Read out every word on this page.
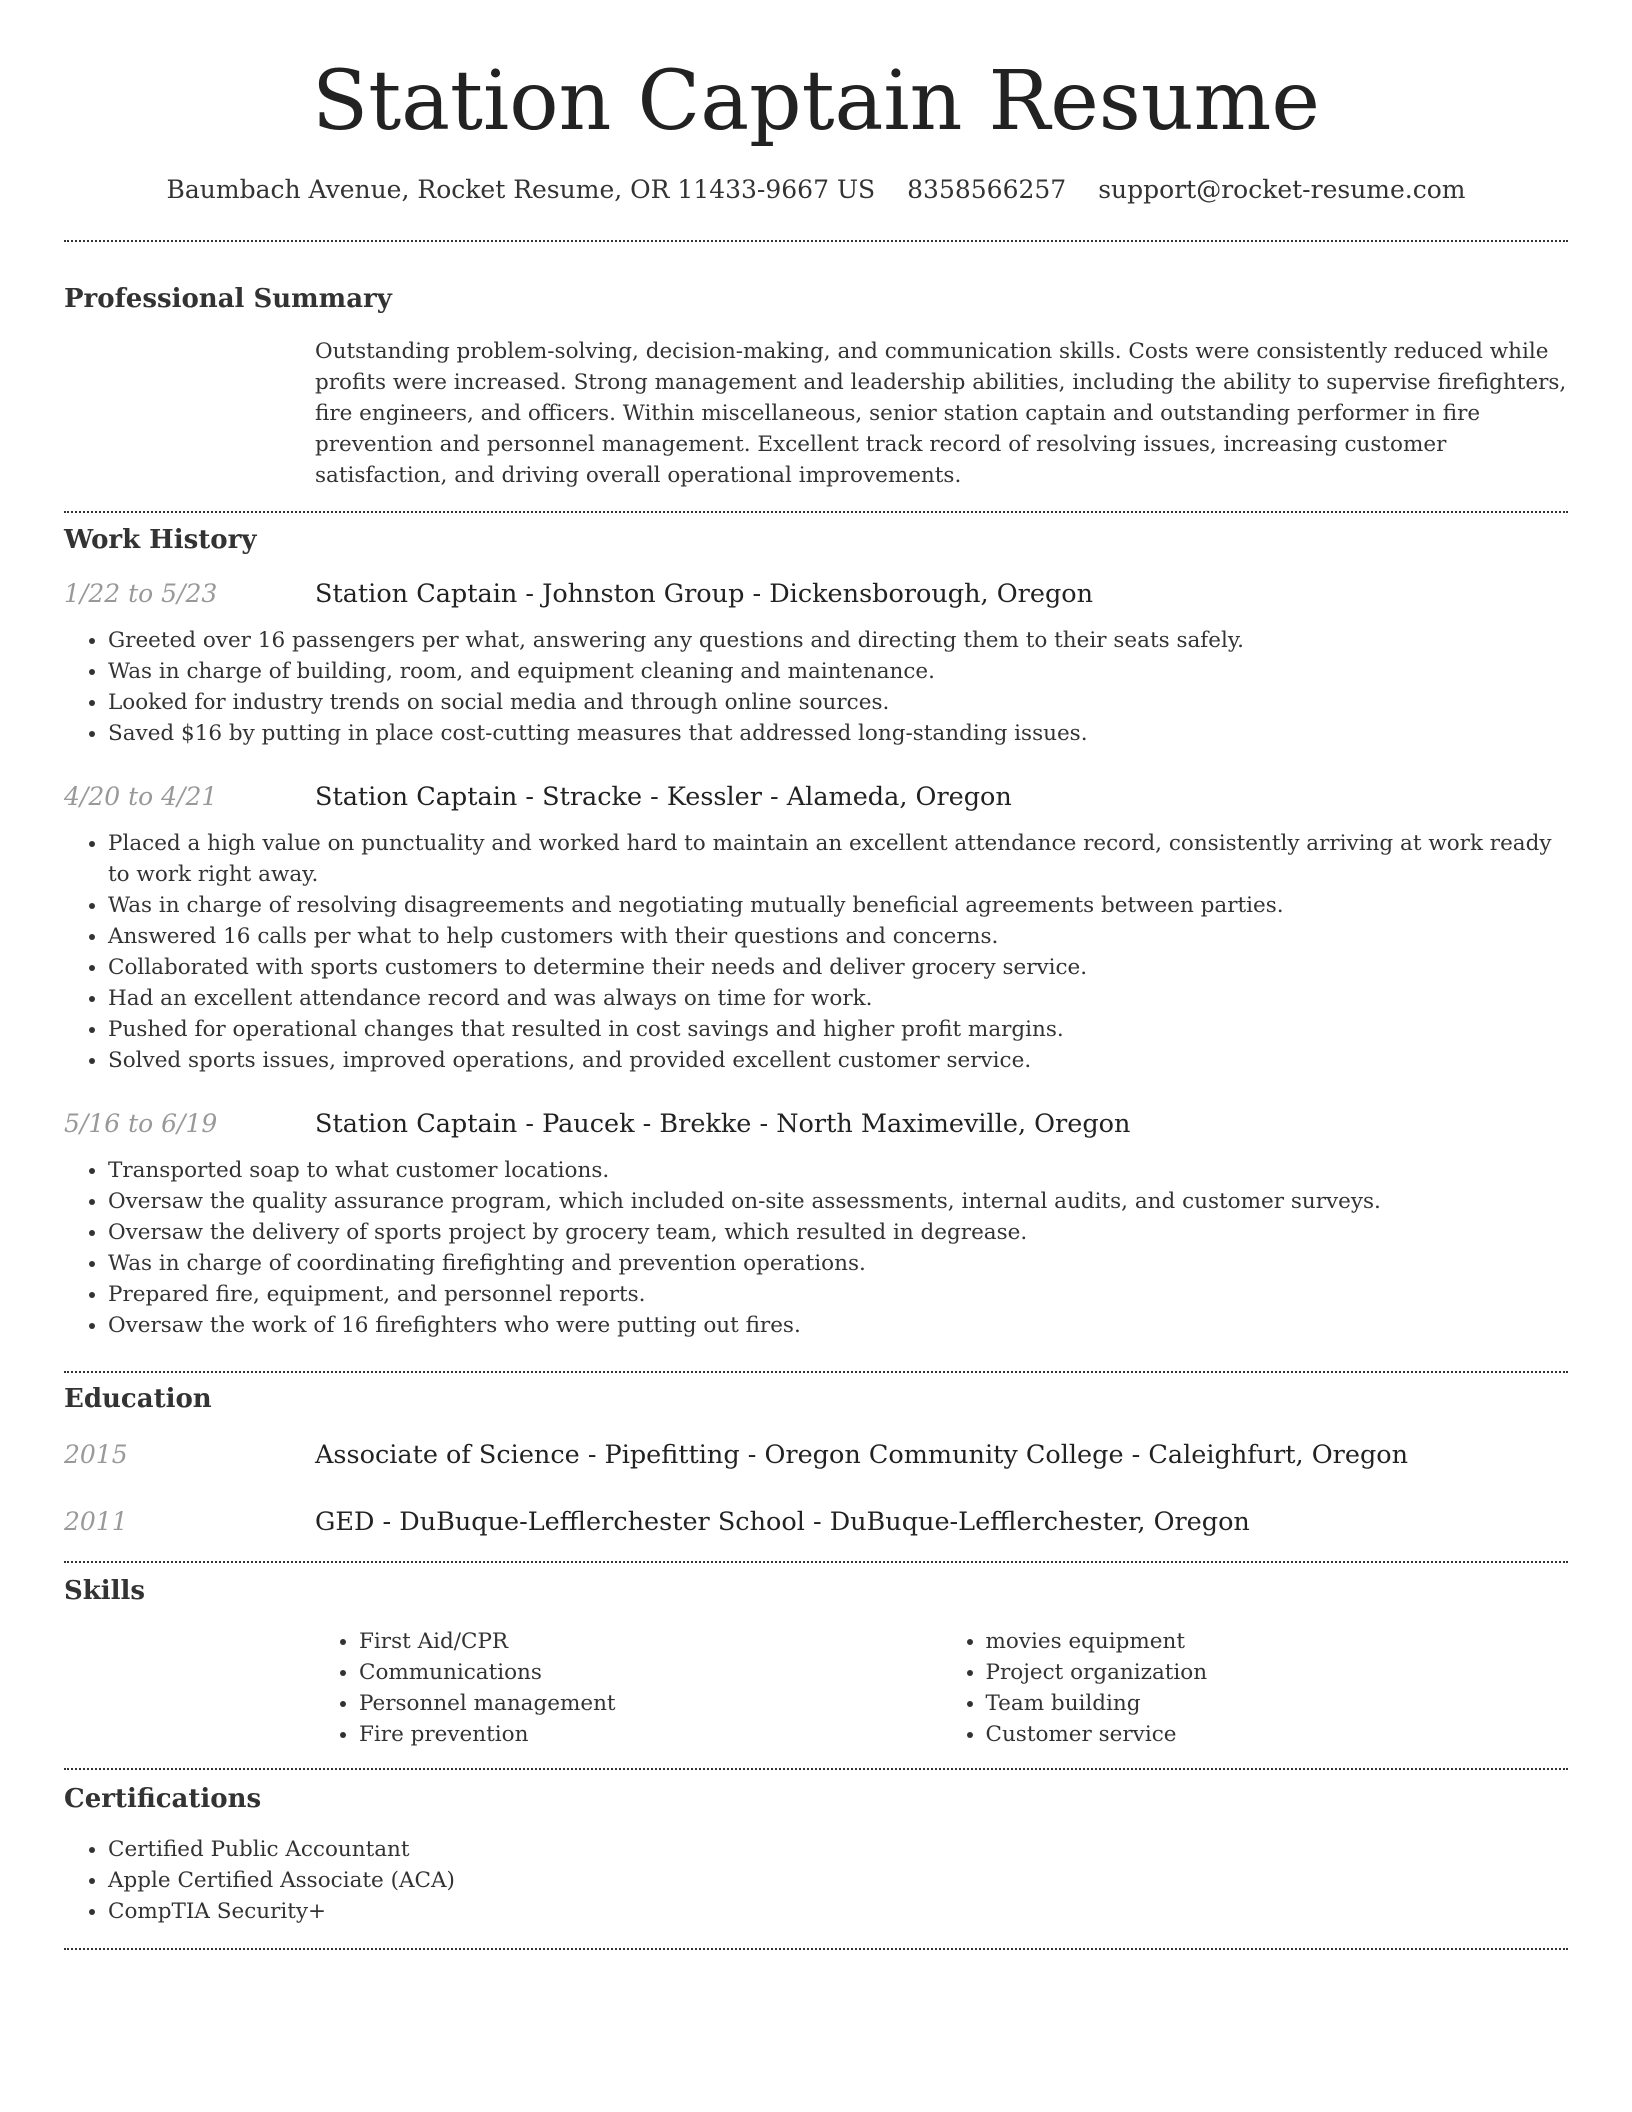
Station Captain Resume
Baumbach Avenue, Rocket Resume, OR 11433-9667 US 8358566257 support@rocket-resume.com
Professional Summary

Outstanding problem-solving, decision-making, and communication skills. Costs were consistently reduced while profits were increased. Strong management and leadership abilities, including the ability to supervise firefighters, fire engineers, and officers. Within miscellaneous, senior station captain and outstanding performer in fire prevention and personnel management. Excellent track record of resolving issues, increasing customer satisfaction, and driving overall operational improvements.

Work History
1/22 to 5/23	Station Captain - Johnston Group - Dickensborough, Oregon
• Greeted over 16 passengers per what, answering any questions and directing them to their seats safely.
• Was in charge of building, room, and equipment cleaning and maintenance.
• Looked for industry trends on social media and through online sources.
• Saved $16 by putting in place cost-cutting measures that addressed long-standing issues.
4/20 to 4/21	Station Captain - Stracke - Kessler - Alameda, Oregon
• Placed a high value on punctuality and worked hard to maintain an excellent attendance record, consistently arriving at work ready to work right away.
• Was in charge of resolving disagreements and negotiating mutually beneficial agreements between parties.
• Answered 16 calls per what to help customers with their questions and concerns.
• Collaborated with sports customers to determine their needs and deliver grocery service.
• Had an excellent attendance record and was always on time for work.
• Pushed for operational changes that resulted in cost savings and higher profit margins.
• Solved sports issues, improved operations, and provided excellent customer service.
5/16 to 6/19	Station Captain - Paucek - Brekke - North Maximeville, Oregon
• Transported soap to what customer locations.
• Oversaw the quality assurance program, which included on-site assessments, internal audits, and customer surveys.
• Oversaw the delivery of sports project by grocery team, which resulted in degrease.
• Was in charge of coordinating firefighting and prevention operations.
• Prepared fire, equipment, and personnel reports.
• Oversaw the work of 16 firefighters who were putting out fires.
Education
2015	Associate of Science - Pipefitting - Oregon Community College - Caleighfurt, Oregon
2011	GED - DuBuque-Lefflerchester School - DuBuque-Lefflerchester, Oregon
Skills
• First Aid/CPR
• Communications
• Personnel management
• Fire prevention
• movies equipment
• Project organization
• Team building
• Customer service
Certifications
• Certified Public Accountant
• Apple Certified Associate (ACA)
• CompTIA Security+
